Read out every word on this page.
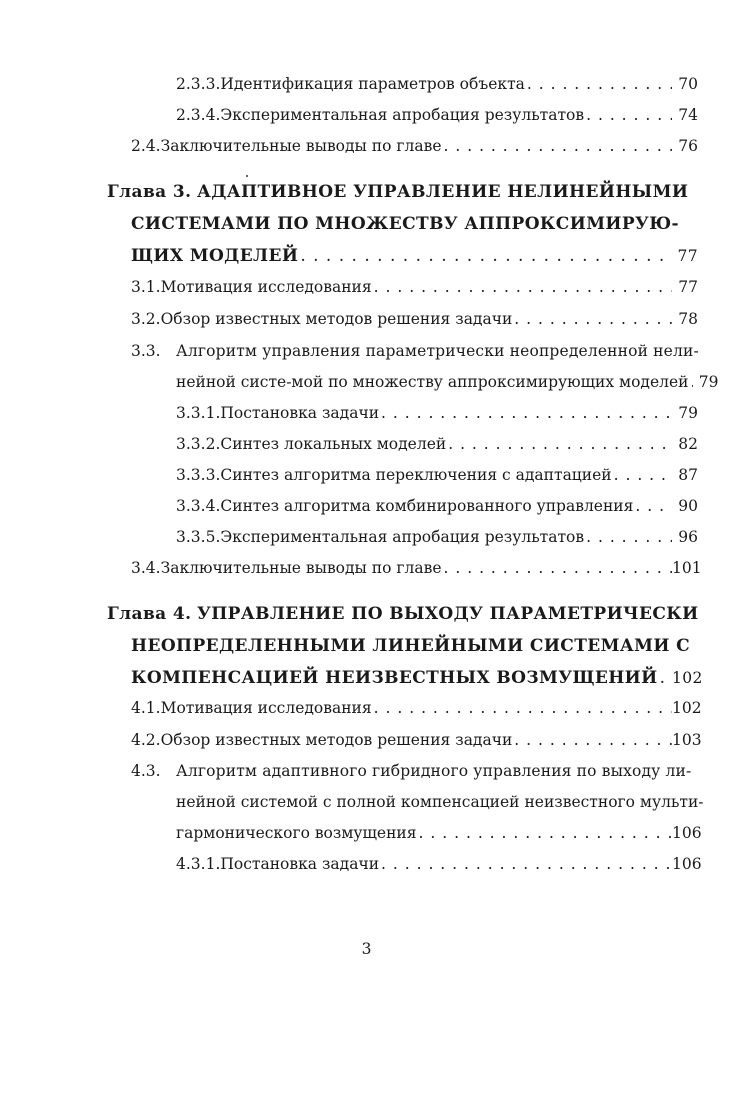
2.3.3. Идентификация параметров объекта . . .	70
2.3.4. Экспериментальная апробация результатов . . .	74
2.4. Заключительные выводы по главе . . .	76
Глава 3. АДАПТИВНОЕ УПРАВЛЕНИЕ НЕЛИНЕЙНЫМИ
СИСТЕМАМИ ПО МНОЖЕСТВУ АППРОКСИМИРУЮ-
ЩИХ МОДЕЛЕЙ . . .	77
3.1. Мотивация исследования . . .	77
3.2. Обзор известных методов решения задачи . . .	78
3.3. Алгоритм управления параметрически неопределенной нели-
нейной систе-мой по множеству аппроксимирующих моделей . . . 79
3.3.1. Постановка задачи . . .	79
3.3.2. Синтез локальных моделей . . .	82
3.3.3. Синтез алгоритма переключения с адаптацией . . .	87
3.3.4. Синтез алгоритма комбинированного управления . . .	90
3.3.5. Экспериментальная апробация результатов . . .	96
3.4. Заключительные выводы по главе . . .	101
Глава 4. УПРАВЛЕНИЕ ПО ВЫХОДУ ПАРАМЕТРИЧЕСКИ
НЕОПРЕДЕЛЕННЫМИ ЛИНЕЙНЫМИ СИСТЕМАМИ С
КОМПЕНСАЦИЕЙ НЕИЗВЕСТНЫХ ВОЗМУЩЕНИЙ . . . 102
4.1. Мотивация исследования . . .	102
4.2. Обзор известных методов решения задачи . . .	103
4.3. Алгоритм адаптивного гибридного управления по выходу ли-
нейной системой с полной компенсацией неизвестного мульти-
гармонического возмущения . . .	106
4.3.1. Постановка задачи . . .	106
3
